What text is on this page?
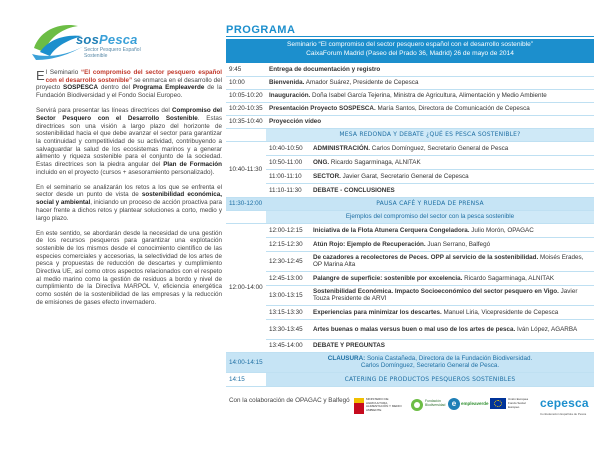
sosPesca
Sector Pesquero Español Sostenible

El Seminario “El compromiso del sector pesquero español con el desarrollo sostenible” se enmarca en el desarrollo del proyecto SOSPESCA dentro del Programa Empleaverde de la Fundación Biodiversidad y el Fondo Social Europeo.

Servirá para presentar las líneas directrices del Compromiso del Sector Pesquero con el Desarrollo Sostenible. Estas directrices son una visión a largo plazo del horizonte de sostenibilidad hacia el que debe avanzar el sector para garantizar la continuidad y competitividad de su actividad, contribuyendo a salvaguardar la salud de los ecosistemas marinos y a generar alimento y riqueza sostenible para el conjunto de la sociedad. Estas directrices son la piedra angular del Plan de Formación incluido en el proyecto (cursos + asesoramiento personalizado).

En el seminario se analizarán los retos a los que se enfrenta el sector desde un punto de vista de sostenibilidad económica, social y ambiental, iniciando un proceso de acción proactiva para hacer frente a dichos retos y plantear soluciones a corto, medio y largo plazo.

En este sentido, se abordarán desde la necesidad de una gestión de los recursos pesqueros para garantizar una explotación sostenible de los mismos desde el conocimiento científico de las especies comerciales y accesorias, la selectividad de los artes de pesca y propuestas de reducción de descartes y cumplimiento Directiva UE, así como otros aspectos relacionados con el respeto al medio marino como la gestión de residuos a bordo y nivel de cumplimiento de la Directiva MARPOL V, eficiencia energética como sostén de la sostenibilidad de las empresas y la reducción de emisiones de gases efecto invernadero.

PROGRAMA
Seminario “El compromiso del sector pesquero español con el desarrollo sostenible”
CaixaForum Madrid (Paseo del Prado 36, Madrid) 26 de mayo de 2014
9:45	Entrega de documentación y registro	
10:00	Bienvenida. Amador Suárez, Presidente de Cepesca	
10:05-10:20	Inauguración. Doña Isabel García Tejerina, Ministra de Agricultura, Alimentación y Medio Ambiente	
10:20-10:35	Presentación Proyecto SOSPESCA. María Santos, Directora de Comunicación de Cepesca	
10:35-10:40	Proyección vídeo	
	MESA REDONDA Y DEBATE ¿QUÉ ES PESCA SOSTENIBLE?	
10:40-11:30	10:40-10:50	ADMINISTRACIÓN. Carlos Domínguez, Secretario General de Pesca
	10:50-11:00	ONG. Ricardo Sagarminaga, ALNITAK
	11:00-11:10	SECTOR. Javier Garat, Secretario General de Cepesca
	11:10-11:30	DEBATE - CONCLUSIONES
11:30-12:00	PAUSA CAFÉ Y RUEDA DE PRENSA	
	Ejemplos del compromiso del sector con la pesca sostenible	
12:00-14:00	12:00-12:15	Iniciativa de la Flota Atunera Cerquera Congeladora. Julio Morón, OPAGAC
	12:15-12:30	Atún Rojo: Ejemplo de Recuperación. Juan Serrano, Balfegó
	12:30-12:45	De cazadores a recolectores de Peces. OPP al servicio de la sostenibilidad. Moisés Erades, OP Marina Alta
	12:45-13:00	Palangre de superficie: sostenible por excelencia. Ricardo Sagarminaga, ALNITAK
	13:00-13:15	Sostenibilidad Económica. Impacto Socioeconómico del sector pesquero en Vigo. Javier Touza Presidente de ARVI
	13:15-13:30	Experiencias para minimizar los descartes. Manuel Liria, Vicepresidente de Cepesca
	13:30-13:45	Artes buenas o malas versus buen o mal uso de los artes de pesca. Iván López, AGARBA
	13:45-14:00	DEBATE Y PREGUNTAS
14:00-14:15	CLAUSURA: Sonia Castañeda, Directora de la Fundación Biodiversidad.
Carlos Domínguez, Secretario General de Pesca.	
14:15	CATERING DE PRODUCTOS PESQUEROS SOSTENIBLES	
Con la colaboración de OPAGAC y Balfegó	MINISTERIO DE AGRICULTURA, ALIMENTACIÓN Y MEDIO AMBIENTE
Fundación Biodiversidad e	empleaverde
Unión Europea
Fondo Social Europeo	cepesca
Confederación Española de Pesca
